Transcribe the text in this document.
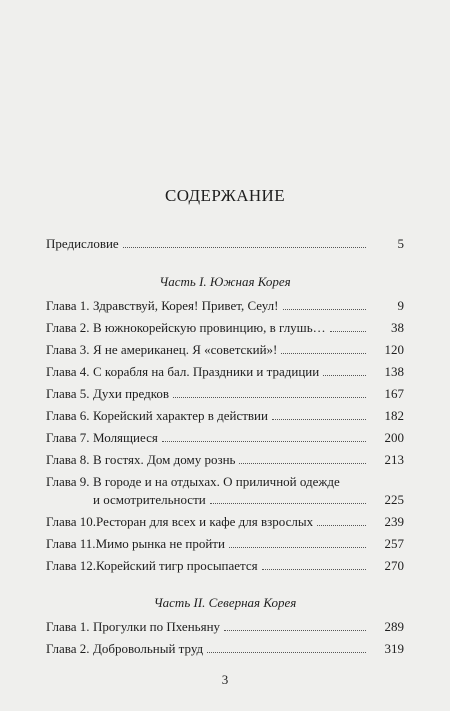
СОДЕРЖАНИЕ
Предисловие	5
Часть I. Южная Корея
Глава 1. Здравствуй, Корея! Привет, Сеул!	9
Глава 2. В южнокорейскую провинцию, в глушь…	38
Глава 3. Я не американец. Я «советский»!	120
Глава 4. С корабля на бал. Праздники и традиции	138
Глава 5. Духи предков	167
Глава 6. Корейский характер в действии	182
Глава 7. Молящиеся	200
Глава 8. В гостях. Дом дому рознь	213
Глава 9. В городе и на отдыхах. О приличной одежде
и осмотрительности	225
Глава 10. Ресторан для всех и кафе для взрослых	239
Глава 11. Мимо рынка не пройти	257
Глава 12. Корейский тигр просыпается	270
Часть II. Северная Корея
Глава 1. Прогулки по Пхеньяну	289
Глава 2. Добровольный труд	319
3
